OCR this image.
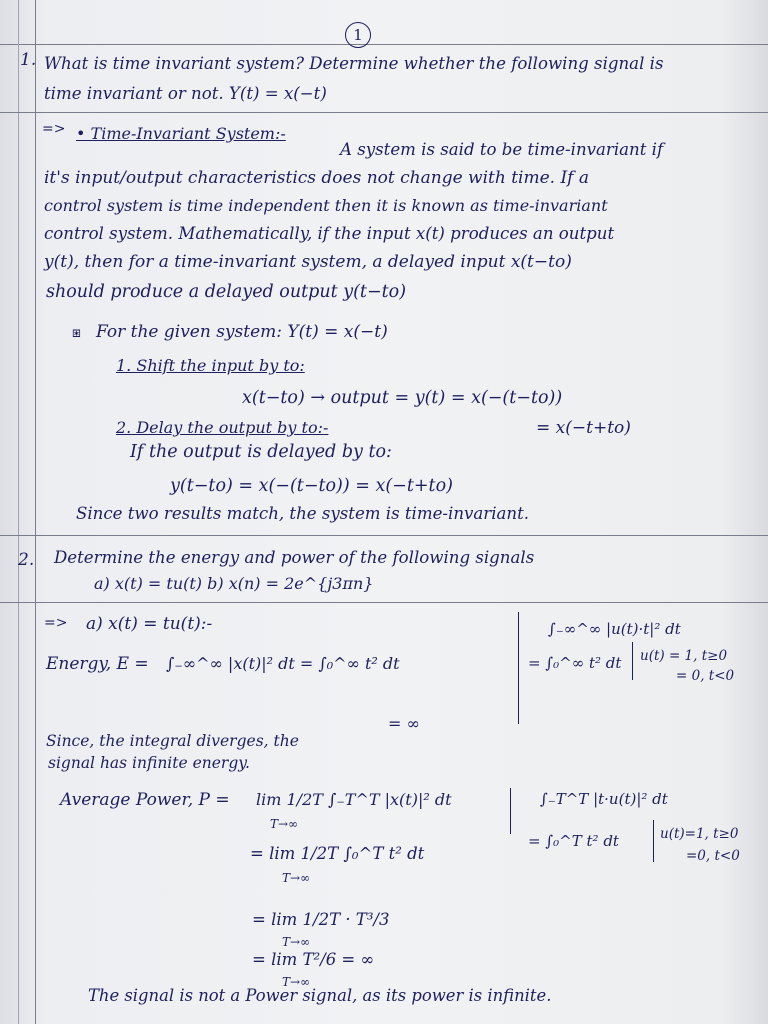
1
1. What is time invariant system? Determine whether the following signal is
time invariant or not. Y(t) = x(−t)
=> • Time-Invariant System:-
A system is said to be time-invariant if
it's input/output characteristics does not change with time. If a
control system is time independent then it is known as time-invariant
control system. Mathematically, if the input x(t) produces an output
y(t), then for a time-invariant system, a delayed input x(t−to)
should produce a delayed output y(t−to)
⧆ For the given system: Y(t) = x(−t)
1. Shift the input by to:
x(t−to) → output = y(t) = x(−(t−to))
= x(−t+to)
2. Delay the output by to:-
If the output is delayed by to:
y(t−to) = x(−(t−to)) = x(−t+to)
Since two results match, the system is time-invariant.
2. Determine the energy and power of the following signals
a) x(t) = tu(t) b) x(n) = 2e^{j3πn}
=> a) x(t) = tu(t):-
Energy, E = ∫₋∞^∞ |x(t)|² dt = ∫₀^∞ t² dt
∫₋∞^∞ |u(t)·t|² dt
= ∫₀^∞ t² dt u(t) = 1, t≥0
= 0, t<0
= ∞
Since, the integral diverges, the
signal has infinite energy.
Average Power, P = lim 1/2T ∫₋T^T |x(t)|² dt
T→∞
∫₋T^T |t·u(t)|² dt
= ∫₀^T t² dt	u(t)=1, t≥0
=0, t<0
= lim 1/2T ∫₀^T t² dt
T→∞
= lim 1/2T · T³/3
T→∞
= lim T²/6 = ∞
T→∞
The signal is not a Power signal, as its power is infinite.
